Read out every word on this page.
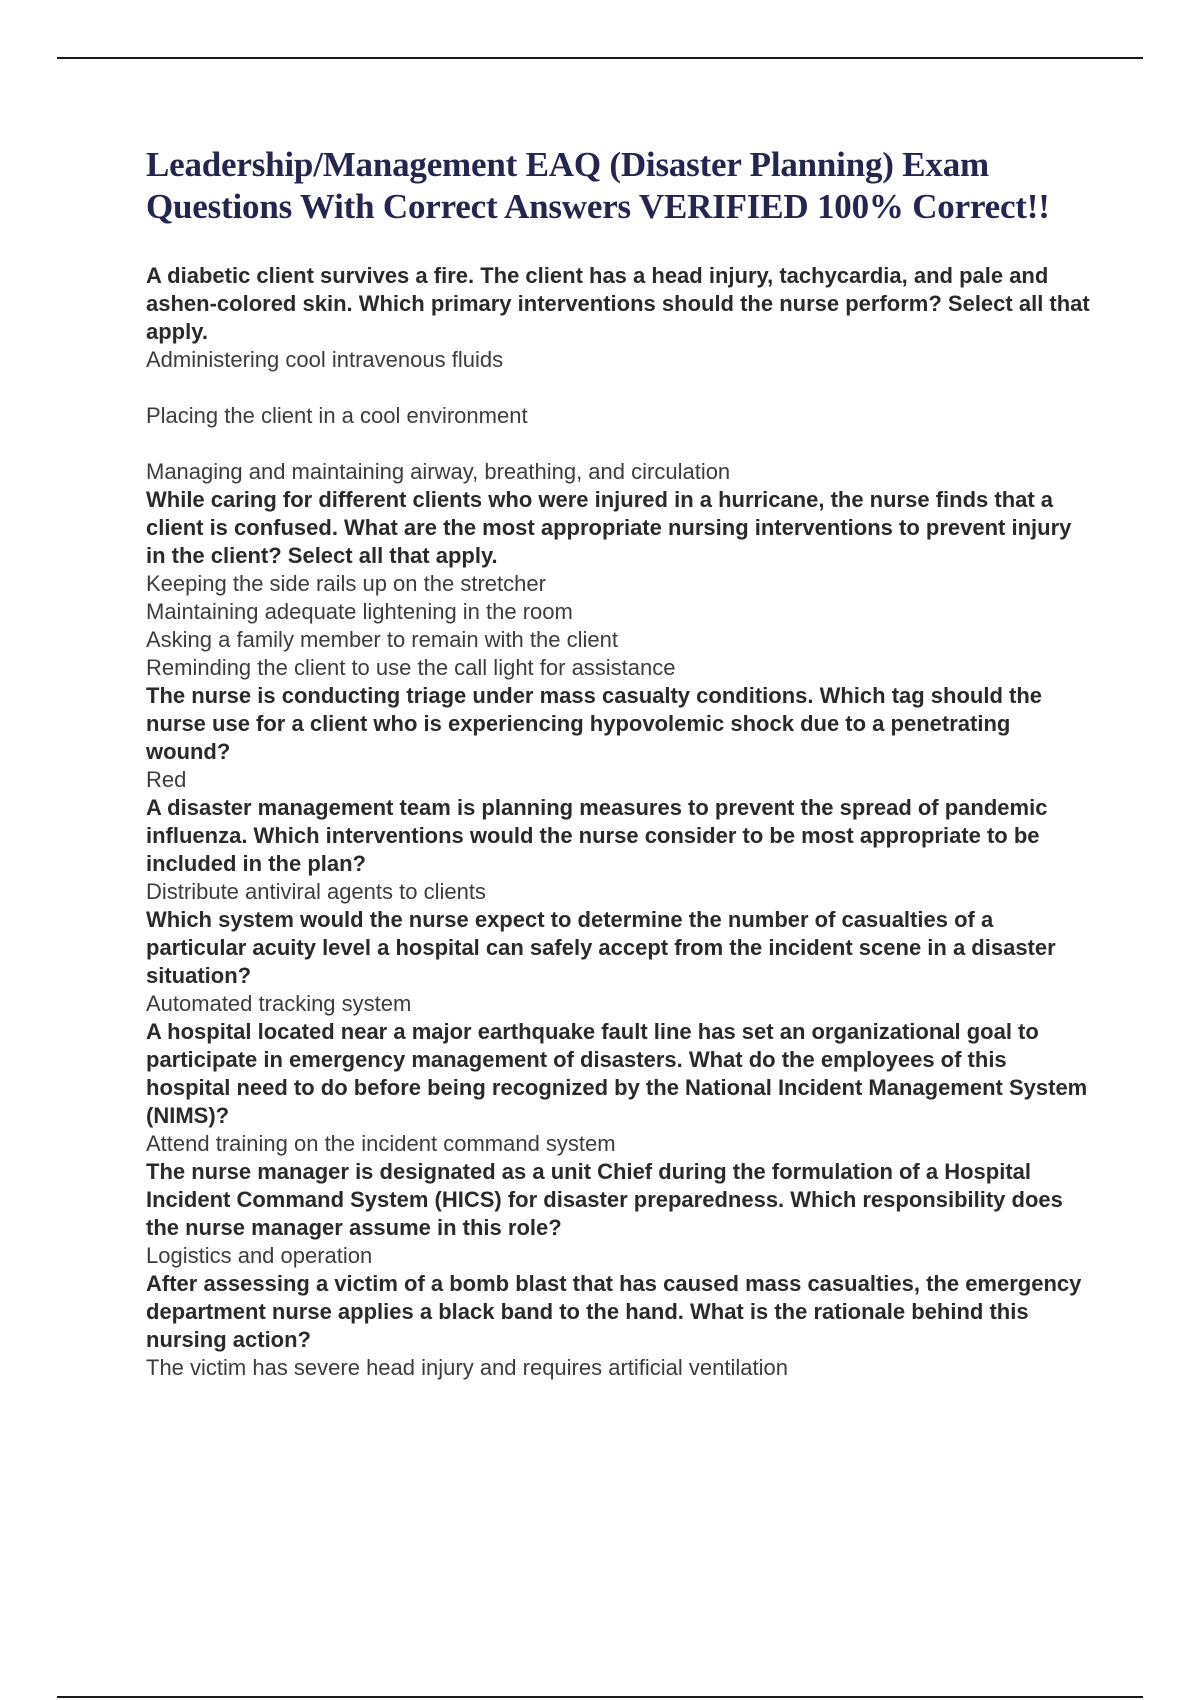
Leadership/Management EAQ (Disaster Planning) Exam Questions With Correct Answers VERIFIED 100% Correct!!

A diabetic client survives a fire. The client has a head injury, tachycardia, and pale and ashen-colored skin. Which primary interventions should the nurse perform? Select all that apply.

Administering cool intravenous fluids

Placing the client in a cool environment

Managing and maintaining airway, breathing, and circulation

While caring for different clients who were injured in a hurricane, the nurse finds that a client is confused. What are the most appropriate nursing interventions to prevent injury in the client? Select all that apply.

Keeping the side rails up on the stretcher

Maintaining adequate lightening in the room

Asking a family member to remain with the client

Reminding the client to use the call light for assistance

The nurse is conducting triage under mass casualty conditions. Which tag should the nurse use for a client who is experiencing hypovolemic shock due to a penetrating wound?

Red

A disaster management team is planning measures to prevent the spread of pandemic influenza. Which interventions would the nurse consider to be most appropriate to be included in the plan?

Distribute antiviral agents to clients

Which system would the nurse expect to determine the number of casualties of a particular acuity level a hospital can safely accept from the incident scene in a disaster situation?

Automated tracking system

A hospital located near a major earthquake fault line has set an organizational goal to participate in emergency management of disasters. What do the employees of this hospital need to do before being recognized by the National Incident Management System (NIMS)?

Attend training on the incident command system

The nurse manager is designated as a unit Chief during the formulation of a Hospital Incident Command System (HICS) for disaster preparedness. Which responsibility does the nurse manager assume in this role?

Logistics and operation

After assessing a victim of a bomb blast that has caused mass casualties, the emergency department nurse applies a black band to the hand. What is the rationale behind this nursing action?

The victim has severe head injury and requires artificial ventilation
